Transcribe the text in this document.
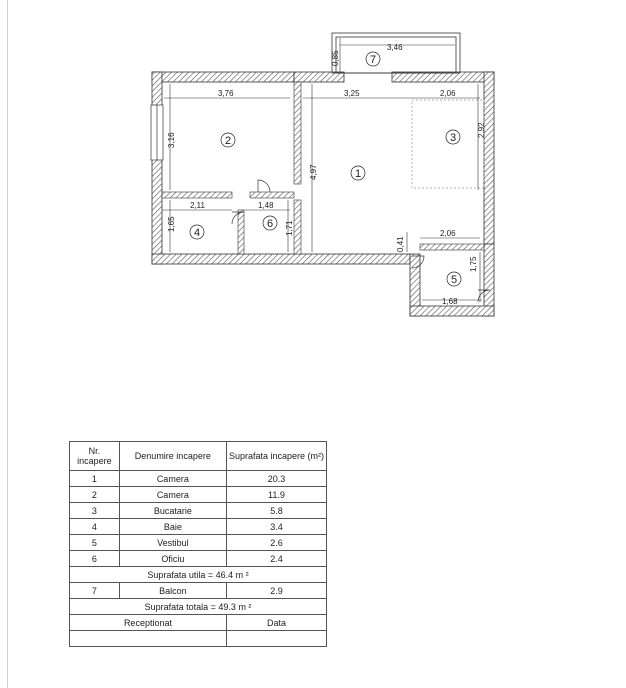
3,46
0,85
3,76	3,25	2,06
3,16
4,97
2,92
2,11	1,48
1,65	1,71
0,41
2,06
1,75
1,68
1
2	3
4
5
6
7
Nr. incapere	Denumire incapere	Suprafata incapere (m²)
1	Camera	20.3
2	Camera	11.9
3	Bucatarie	5.8
4	Baie	3.4
5	Vestibul	2.6
6	Oficiu	2.4
Suprafata utila = 46.4 m ²		
7	Balcon	2.9
Suprafata totala = 49.3 m ²		
Receptionat		Data
